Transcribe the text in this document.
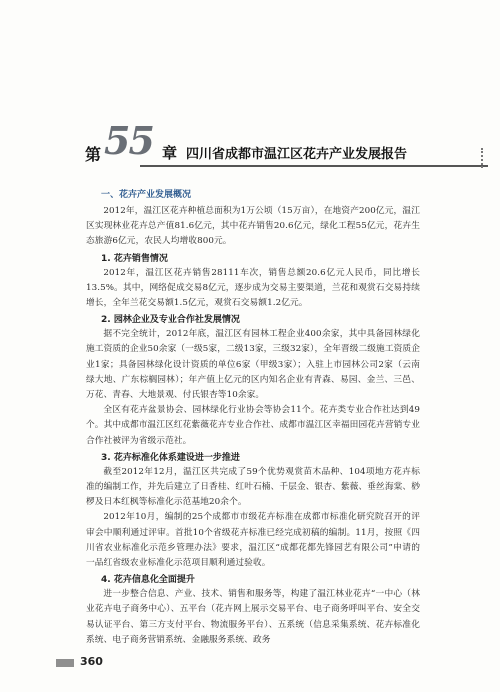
第 55 章 四川省成都市温江区花卉产业发展报告
一、花卉产业发展概况

2012年，温江区花卉种植总面积为1万公顷（15万亩），在地资产200亿元，温江区实现林业花卉总产值81.6亿元，其中花卉销售20.6亿元，绿化工程55亿元，花卉生态旅游6亿元，农民人均增收800元。

1. 花卉销售情况

2012年，温江区花卉销售28111车次，销售总额20.6亿元人民币，同比增长13.5%。其中，网络促成交易8亿元，逐步成为交易主要渠道，兰花和观赏石交易持续增长，全年兰花交易额1.5亿元，观赏石交易额1.2亿元。

2. 园林企业及专业合作社发展情况

据不完全统计，2012年底，温江区有园林工程企业400余家，其中具备园林绿化施工资质的企业50余家（一级5家，二级13家，三级32家），全年晋级二级施工资质企业1家；具备园林绿化设计资质的单位6家（甲级3家）；入驻上市园林公司2家（云南绿大地、广东棕榈园林）；年产值上亿元的区内知名企业有青森、易园、金兰、三邑、万花、青春、大地景观、付氏银杏等10余家。

全区有花卉盆景协会、园林绿化行业协会等协会11个。花卉类专业合作社达到49个。其中成都市温江区红花紫薇花卉专业合作社、成都市温江区幸福田园花卉营销专业合作社被评为省级示范社。

3. 花卉标准化体系建设进一步推进

截至2012年12月，温江区共完成了59个优势观赏苗木品种、104项地方花卉标准的编制工作，并先后建立了日香桂、红叶石楠、千层金、银杏、紫薇、垂丝海棠、桫椤及日本红枫等标准化示范基地20余个。

2012年10月，编制的25个成都市市级花卉标准在成都市标准化研究院召开的评审会中顺利通过评审。首批10个省级花卉标准已经完成初稿的编制。11月，按照《四川省农业标准化示范乡管理办法》要求，温江区“成都花都先锋园艺有限公司”申请的一品红省级农业标准化示范项目顺利通过验收。

4. 花卉信息化全面提升

进一步整合信息、产业、技术、销售和服务等，构建了温江林业花卉“一中心（林业花卉电子商务中心）、五平台（花卉网上展示交易平台、电子商务呼叫平台、安全交易认证平台、第三方支付平台、物流服务平台）、五系统（信息采集系统、花卉标准化系统、电子商务营销系统、金融服务系统、政务

360
